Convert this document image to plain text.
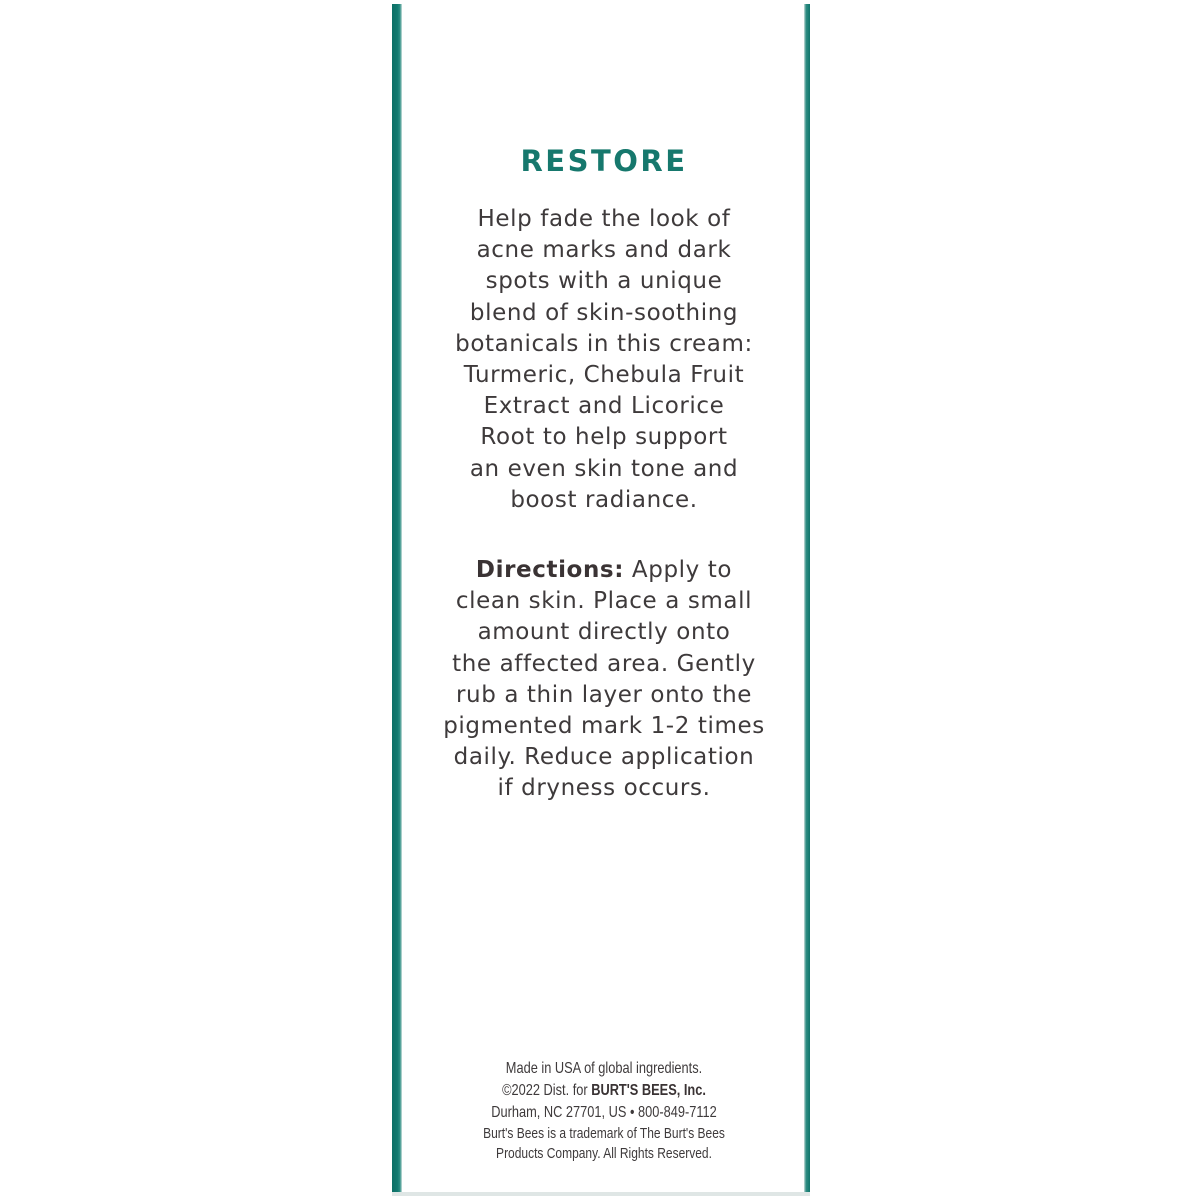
RESTORE
Help fade the look of
acne marks and dark
spots with a unique
blend of skin-soothing
botanicals in this cream:
Turmeric, Chebula Fruit
Extract and Licorice
Root to help support
an even skin tone and
boost radiance.
Directions: Apply to
clean skin. Place a small
amount directly onto
the affected area. Gently
rub a thin layer onto the
pigmented mark 1-2 times
daily. Reduce application
if dryness occurs.
Made in USA of global ingredients.
©2022 Dist. for BURT'S BEES, Inc.
Durham, NC 27701, US • 800-849-7112
Burt's Bees is a trademark of The Burt's Bees
Products Company. All Rights Reserved.
